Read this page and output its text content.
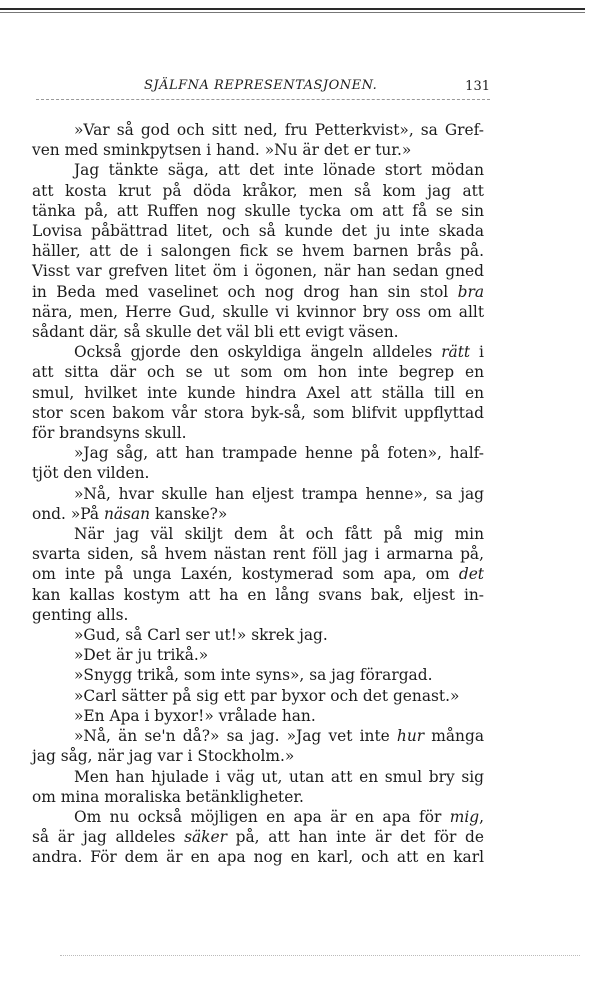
SJÄLFNA REPRESENTASJONEN.	131
»Var så god och sitt ned, fru Petterkvist», sa Gref-
ven med sminkpytsen i hand. »Nu är det er tur.»
Jag tänkte säga, att det inte lönade stort mödan
att kosta krut på döda kråkor, men så kom jag att
tänka på, att Ruffen nog skulle tycka om att få se sin
Lovisa påbättrad litet, och så kunde det ju inte skada
häller, att de i salongen fick se hvem barnen brås på.
Visst var grefven litet öm i ögonen, när han sedan gned
in Beda med vaselinet och nog drog han sin stol bra
nära, men, Herre Gud, skulle vi kvinnor bry oss om allt
sådant där, så skulle det väl bli ett evigt väsen.
Också gjorde den oskyldiga ängeln alldeles rätt i
att sitta där och se ut som om hon inte begrep en
smul, hvilket inte kunde hindra Axel att ställa till en
stor scen bakom vår stora byk-så, som blifvit uppflyttad
för brandsyns skull.
»Jag såg, att han trampade henne på foten», half-
tjöt den vilden.
»Nå, hvar skulle han eljest trampa henne», sa jag
ond. »På näsan kanske?»
När jag väl skiljt dem åt och fått på mig min
svarta siden, så hvem nästan rent föll jag i armarna på,
om inte på unga Laxén, kostymerad som apa, om det
kan kallas kostym att ha en lång svans bak, eljest in-
genting alls.
»Gud, så Carl ser ut!» skrek jag.
»Det är ju trikå.»
»Snygg trikå, som inte syns», sa jag förargad.
»Carl sätter på sig ett par byxor och det genast.»
»En Apa i byxor!» vrålade han.
»Nå, än se'n då?» sa jag. »Jag vet inte hur många
jag såg, när jag var i Stockholm.»
Men han hjulade i väg ut, utan att en smul bry sig
om mina moraliska betänkligheter.
Om nu också möjligen en apa är en apa för mig,
så är jag alldeles säker på, att han inte är det för de
andra. För dem är en apa nog en karl, och att en karl
